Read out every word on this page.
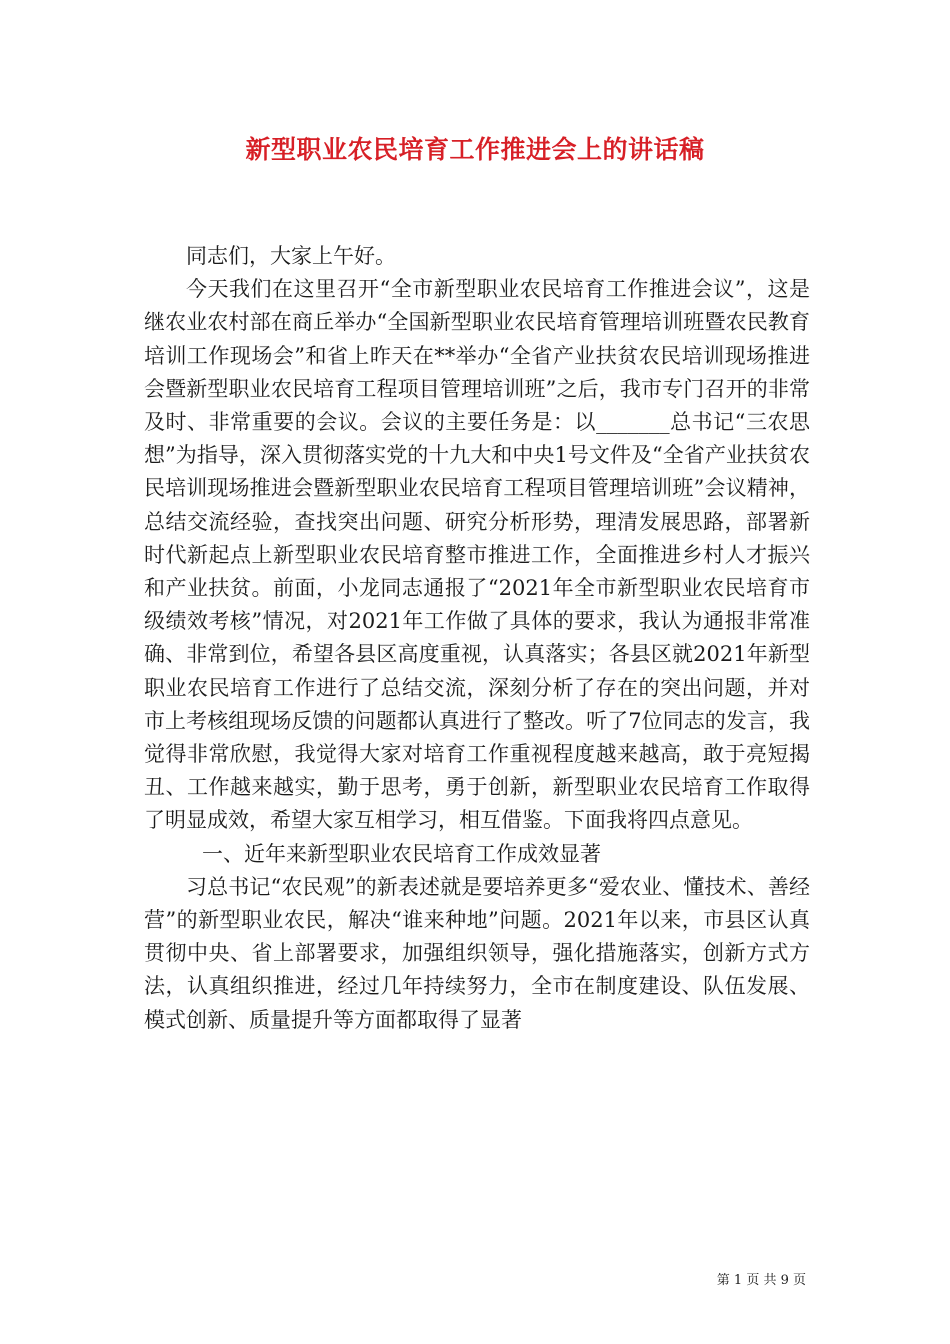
新型职业农民培育工作推进会上的讲话稿

同志们，大家上午好。

今天我们在这里召开“全市新型职业农民培育工作推进会议”，这是继农业农村部在商丘举办“全国新型职业农民培育管理培训班暨农民教育培训工作现场会”和省上昨天在**举办“全省产业扶贫农民培训现场推进会暨新型职业农民培育工程项目管理培训班”之后，我市专门召开的非常及时、非常重要的会议。会议的主要任务是：以_______总书记“三农思想”为指导，深入贯彻落实党的十九大和中央1号文件及“全省产业扶贫农民培训现场推进会暨新型职业农民培育工程项目管理培训班”会议精神，总结交流经验，查找突出问题、研究分析形势，理清发展思路，部署新时代新起点上新型职业农民培育整市推进工作，全面推进乡村人才振兴和产业扶贫。前面，小龙同志通报了“2021年全市新型职业农民培育市级绩效考核”情况，对2021年工作做了具体的要求，我认为通报非常准确、非常到位，希望各县区高度重视，认真落实；各县区就2021年新型职业农民培育工作进行了总结交流，深刻分析了存在的突出问题，并对市上考核组现场反馈的问题都认真进行了整改。听了7位同志的发言，我觉得非常欣慰，我觉得大家对培育工作重视程度越来越高，敢于亮短揭丑、工作越来越实，勤于思考，勇于创新，新型职业农民培育工作取得了明显成效，希望大家互相学习，相互借鉴。下面我将四点意见。

一、近年来新型职业农民培育工作成效显著

习总书记“农民观”的新表述就是要培养更多“爱农业、懂技术、善经营”的新型职业农民，解决“谁来种地”问题。2021年以来，市县区认真贯彻中央、省上部署要求，加强组织领导，强化措施落实，创新方式方法，认真组织推进，经过几年持续努力，全市在制度建设、队伍发展、模式创新、质量提升等方面都取得了显著

第 1 页 共 9 页
